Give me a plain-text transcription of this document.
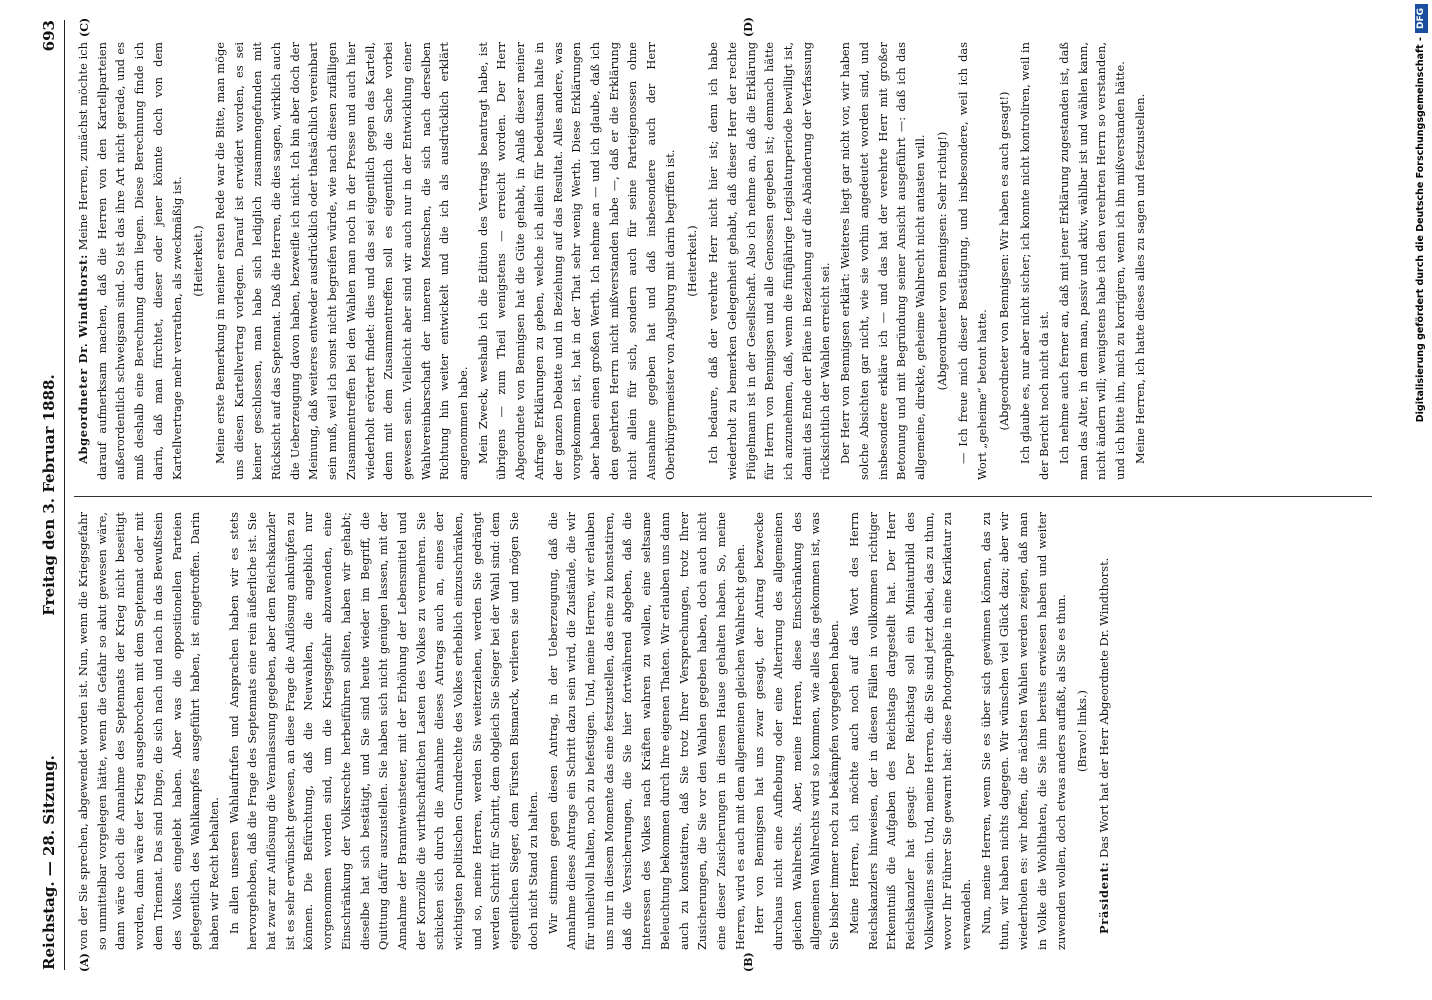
Reichstag. — 28. Sitzung.
Freitag den 3. Februar 1888.
693
(A)	(B)
(C)	(D)

von der Sie sprechen, abgewendet worden ist. Nun, wenn die Kriegsgefahr so unmittelbar vorgelegen hätte, wenn die Gefahr so akut gewesen wäre, dann wäre doch die Annahme des Septennats der Krieg nicht beseitigt worden, dann wäre der Krieg ausgebrochen mit dem Septennat oder mit dem Triennat. Das sind Dinge, die sich nach und nach in das Bewußtsein des Volkes eingelebt haben. Aber was die oppositionellen Parteien gelegentlich des Wahlkampfes ausgeführt haben, ist eingetroffen. Darin haben wir Recht behalten. In allen unseren Wahlaufrufen und Ansprachen haben wir es stets hervorgehoben, daß die Frage des Septennats eine rein äußerliche ist. Sie hat zwar zur Auflösung die Veranlassung gegeben, aber dem Reichskanzler ist es sehr erwünscht gewesen, an diese Frage die Auflösung anknüpfen zu können. Die Befürchtung, daß die Neuwahlen, die angeblich nur vorgenommen worden sind, um die Kriegsgefahr abzuwenden, eine Einschränkung der Volksrechte herbeiführen sollten, haben wir gehabt; dieselbe hat sich bestätigt, und Sie sind heute wieder im Begriff, die Quittung dafür auszustellen. Sie haben sich nicht genügen lassen, mit der Annahme der Branntweinsteuer, mit der Erhöhung der Lebensmittel und der Kornzölle die wirthschaftlichen Lasten des Volkes zu vermehren. Sie schicken sich durch die Annahme dieses Antrags auch an, eines der wichtigsten politischen Grundrechte des Volkes erheblich einzuschränken, und so, meine Herren, werden Sie weiterziehen, werden Sie gedrängt werden Schritt für Schritt, dem obgleich Sie Sieger bei der Wahl sind: dem eigentlichen Sieger, dem Fürsten Bismarck, verlieren sie und mögen Sie doch nicht Stand zu halten. Wir stimmen gegen diesen Antrag, in der Ueberzeugung, daß die Annahme dieses Antrags ein Schritt dazu sein wird, die Zustände, die wir für unheilvoll halten, noch zu befestigen. Und, meine Herren, wir erlauben uns nur in diesem Momente das eine festzustellen, das eine zu konstatiren, daß die Versicherungen, die Sie hier fortwährend abgeben, daß die Interessen des Volkes nach Kräften wahren zu wollen, eine seltsame Beleuchtung bekommen durch Ihre eigenen Thaten. Wir erlauben uns dann auch zu konstatiren, daß Sie trotz Ihrer Versprechungen, trotz Ihrer Zusicherungen, die Sie vor den Wahlen gegeben haben, doch auch nicht eine dieser Zusicherungen in diesem Hause gehalten haben. So, meine Herren, wird es auch mit dem allgemeinen gleichen Wahlrecht gehen. Herr von Bennigsen hat uns zwar gesagt, der Antrag bezwecke durchaus nicht eine Aufhebung oder eine Alterirung des allgemeinen gleichen Wahlrechts. Aber, meine Herren, diese Einschränkung des allgemeinen Wahlrechts wird so kommen, wie alles das gekommen ist, was Sie bisher immer noch zu bekämpfen vorgegeben haben. Meine Herren, ich möchte auch noch auf das Wort des Herrn Reichskanzlers hinweisen, der in diesen Fällen in vollkommen richtiger Erkenntniß die Aufgaben des Reichstags dargestellt hat. Der Herr Reichskanzler hat gesagt: Der Reichstag soll ein Miniaturbild des Volkswillens sein. Und, meine Herren, die Sie sind jetzt dabei, das zu thun, wovor Ihr Führer Sie gewarnt hat: diese Photographie in eine Karikatur zu verwandeln. Nun, meine Herren, wenn Sie es über sich gewinnen können, das zu thun, wir haben nichts dagegen. Wir wünschen viel Glück dazu; aber wir wiederholen es: wir hoffen, die nächsten Wahlen werden zeigen, daß man in Volke die Wohlthaten, die Sie ihm bereits erwiesen haben und weiter zuwenden wollen, doch etwas anders auffaßt, als Sie es thun. (Bravo! links.)

Präsident: Das Wort hat der Herr Abgeordnete Dr. Windthorst.

Abgeordneter Dr. Windthorst: Meine Herren, zunächst möchte ich darauf aufmerksam machen, daß die Herren von den Kartellparteien außerordentlich schweigsam sind. So ist das ihre Art nicht gerade, und es muß deshalb eine Berechnung darin liegen. Diese Berechnung finde ich darin, daß man fürchtet, dieser oder jener könnte doch von dem Kartellvertrage mehr verrathen, als zweckmäßig ist. (Heiterkeit.) Meine erste Bemerkung in meiner ersten Rede war die Bitte, man möge uns diesen Kartellvertrag vorlegen. Darauf ist erwidert worden, es sei keiner geschlossen, man habe sich lediglich zusammengefunden mit Rücksicht auf das Septennat. Daß die Herren, die dies sagen, wirklich auch die Ueberzeugung davon haben, bezweifle ich nicht. Ich bin aber doch der Meinung, daß weiteres entweder ausdrücklich oder thatsächlich vereinbart sein muß, weil ich sonst nicht begreifen würde, wie nach diesen zufälligen Zusammentreffen bei den Wahlen man noch in der Presse und auch hier wiederholt erörtert findet: dies und das sei eigentlich gegen das Kartell, denn mit dem Zusammentreffen soll es eigentlich die Sache vorbei gewesen sein. Vielleicht aber sind wir auch nur in der Entwicklung einer Wahlvereinbarschaft der inneren Menschen, die sich nach derselben Richtung hin weiter entwickelt und die ich als ausdrücklich erklärt angenommen habe. Mein Zweck, weshalb ich die Edition des Vertrags beantragt habe, ist übrigens — zum Theil wenigstens — erreicht worden. Der Herr Abgeordnete von Bennigsen hat die Güte gehabt, in Anlaß dieser meiner Anfrage Erklärungen zu geben, welche ich allein für bedeutsam halte in der ganzen Debatte und in Beziehung auf das Resultat. Alles andere, was vorgekommen ist, hat in der That sehr wenig Werth. Diese Erklärungen aber haben einen großen Werth. Ich nehme an — und ich glaube, daß ich den geehrten Herrn nicht mißverstanden habe —, daß er die Erklärung nicht allein für sich, sondern auch für seine Parteigenossen ohne Ausnahme gegeben hat und daß insbesondere auch der Herr Oberbürgermeister von Augsburg mit darin begriffen ist. (Heiterkeit.) Ich bedaure, daß der verehrte Herr nicht hier ist; denn ich habe wiederholt zu bemerken Gelegenheit gehabt, daß dieser Herr der rechte Flügelmann ist in der Gesellschaft. Also ich nehme an, daß die Erklärung für Herrn von Bennigsen und alle Genossen gegeben ist; demnach hätte ich anzunehmen, daß, wenn die fünfjährige Legislaturperiode bewilligt ist, damit das Ende der Pläne in Beziehung auf die Abänderung der Verfassung rücksichtlich der Wahlen erreicht sei. Der Herr von Bennigsen erklärt: Weiteres liegt gar nicht vor, wir haben solche Absichten gar nicht, wie sie vorhin angedeutet worden sind, und insbesondere erkläre ich — und das hat der verehrte Herr mit großer Betonung und mit Begründung seiner Ansicht ausgeführt —: daß ich das allgemeine, direkte, geheime Wahlrecht nicht antasten will. (Abgeordneter von Bennigsen: Sehr richtig!) — Ich freue mich dieser Bestätigung, und insbesondere, weil ich das Wort „geheime“ betont hatte. (Abgeordneter von Bennigsen: Wir haben es auch gesagt!) Ich glaube es, nur aber nicht sicher; ich konnte nicht kontroliren, weil in der Bericht noch nicht da ist. Ich nehme auch ferner an, daß mit jener Erklärung zugestanden ist, daß man das Alter, in dem man, passiv und aktiv, wählbar ist und wählen kann, nicht ändern will; wenigstens habe ich den verehrten Herrn so verstanden, und ich bitte ihn, mich zu korrigiren, wenn ich ihn mißverstanden hätte. Meine Herren, ich hatte dieses alles zu sagen und festzustellen.	Digitalisierung gefördert durch die Deutsche Forschungsgemeinschaft -DFG
